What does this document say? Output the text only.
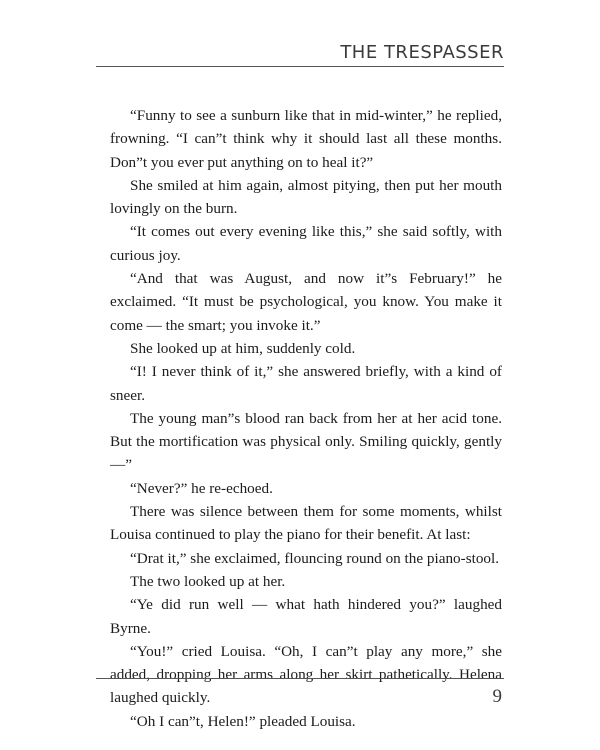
THE TRESPASSER

“Funny to see a sunburn like that in mid-winter,” he replied, frowning. “I can”t think why it should last all these months. Don”t you ever put anything on to heal it?”

She smiled at him again, almost pitying, then put her mouth lovingly on the burn.

“It comes out every evening like this,” she said softly, with curious joy.

“And that was August, and now it”s February!” he exclaimed. “It must be psychological, you know. You make it come — the smart; you invoke it.”

She looked up at him, suddenly cold.

“I! I never think of it,” she answered briefly, with a kind of sneer.

The young man”s blood ran back from her at her acid tone. But the mortification was physical only. Smiling quickly, gently —”

“Never?” he re-echoed.

There was silence between them for some moments, whilst Louisa continued to play the piano for their benefit. At last:

“Drat it,” she exclaimed, flouncing round on the piano-stool.

The two looked up at her.

“Ye did run well — what hath hindered you?” laughed Byrne.

“You!” cried Louisa. “Oh, I can”t play any more,” she added, dropping her arms along her skirt pathetically. Helena laughed quickly.

“Oh I can”t, Helen!” pleaded Louisa.

9
